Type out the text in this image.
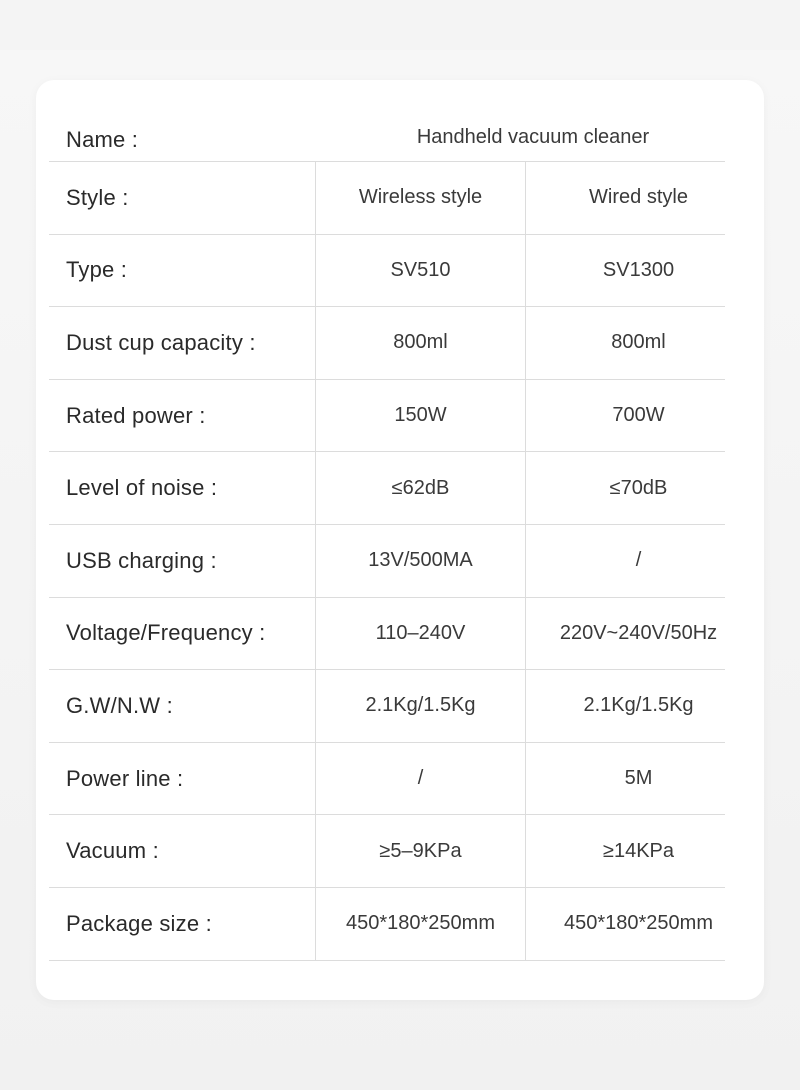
Name :	Handheld vacuum cleaner
Style :	Wireless style	Wired style
Type :	SV510	SV1300
Dust cup capacity :	800ml	800ml
Rated power :	150W	700W
Level of noise :	≤62dB	≤70dB
USB charging :	13V/500MA	/
Voltage/Frequency :	110–240V	220V~240V/50Hz
G.W/N.W :	2.1Kg/1.5Kg	2.1Kg/1.5Kg
Power line :	/	5M
Vacuum :	≥5–9KPa	≥14KPa
Package size :	450*180*250mm	450*180*250mm
